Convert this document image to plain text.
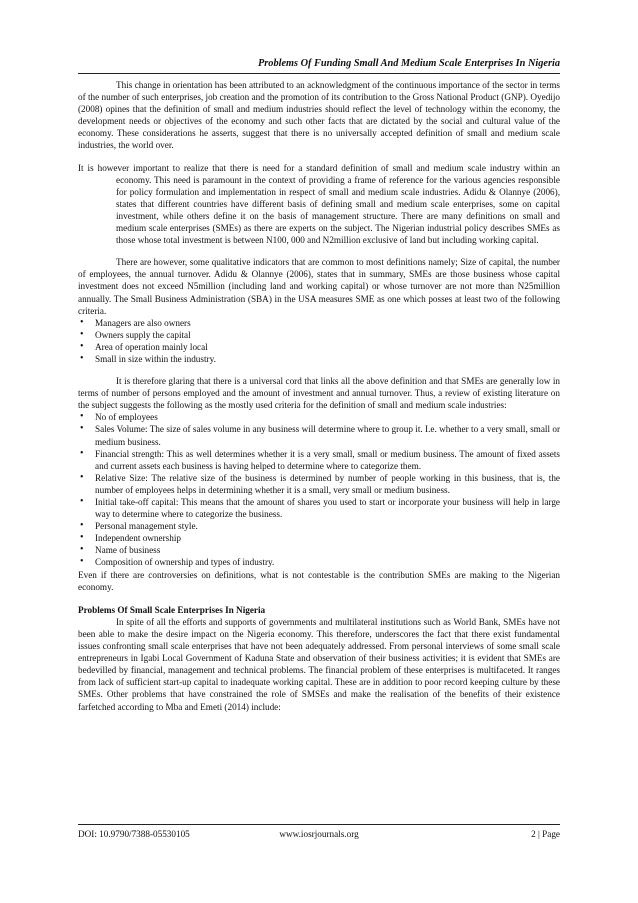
Problems Of Funding Small And Medium Scale Enterprises In Nigeria

This change in orientation has been attributed to an acknowledgment of the continuous importance of the sector in terms of the number of such enterprises, job creation and the promotion of its contribution to the Gross National Product (GNP). Oyedijo (2008) opines that the definition of small and medium industries should reflect the level of technology within the economy, the development needs or objectives of the economy and such other facts that are dictated by the social and cultural value of the economy. These considerations he asserts, suggest that there is no universally accepted definition of small and medium scale industries, the world over.

It is however important to realize that there is need for a standard definition of small and medium scale industry within an economy. This need is paramount in the context of providing a frame of reference for the various agencies responsible for policy formulation and implementation in respect of small and medium scale industries. Adidu & Olannye (2006), states that different countries have different basis of defining small and medium scale enterprises, some on capital investment, while others define it on the basis of management structure. There are many definitions on small and medium scale enterprises (SMEs) as there are experts on the subject. The Nigerian industrial policy describes SMEs as those whose total investment is between N100, 000 and N2million exclusive of land but including working capital.

There are however, some qualitative indicators that are common to most definitions namely; Size of capital, the number of employees, the annual turnover. Adidu & Olannye (2006), states that in summary, SMEs are those business whose capital investment does not exceed N5million (including land and working capital) or whose turnover are not more than N25million annually. The Small Business Administration (SBA) in the USA measures SME as one which posses at least two of the following criteria.

• Managers are also owners
• Owners supply the capital
• Area of operation mainly local
• Small in size within the industry.

It is therefore glaring that there is a universal cord that links all the above definition and that SMEs are generally low in terms of number of persons employed and the amount of investment and annual turnover. Thus, a review of existing literature on the subject suggests the following as the mostly used criteria for the definition of small and medium scale industries:

• No of employees
• Sales Volume: The size of sales volume in any business will determine where to group it. I.e. whether to a very small, small or medium business.
• Financial strength: This as well determines whether it is a very small, small or medium business. The amount of fixed assets and current assets each business is having helped to determine where to categorize them.
• Relative Size: The relative size of the business is determined by number of people working in this business, that is, the number of employees helps in determining whether it is a small, very small or medium business.
• Initial take-off capital: This means that the amount of shares you used to start or incorporate your business will help in large way to determine where to categorize the business.
• Personal management style.
• Independent ownership
• Name of business
• Composition of ownership and types of industry.

Even if there are controversies on definitions, what is not contestable is the contribution SMEs are making to the Nigerian economy.

Problems Of Small Scale Enterprises In Nigeria

In spite of all the efforts and supports of governments and multilateral institutions such as World Bank, SMEs have not been able to make the desire impact on the Nigeria economy. This therefore, underscores the fact that there exist fundamental issues confronting small scale enterprises that have not been adequately addressed. From personal interviews of some small scale entrepreneurs in Igabi Local Government of Kaduna State and observation of their business activities; it is evident that SMEs are bedevilled by financial, management and technical problems. The financial problem of these enterprises is multifaceted. It ranges from lack of sufficient start-up capital to inadequate working capital. These are in addition to poor record keeping culture by these SMEs. Other problems that have constrained the role of SMSEs and make the realisation of the benefits of their existence farfetched according to Mba and Emeti (2014) include:

DOI: 10.9790/7388-05530105	www.iosrjournals.org	2 | Page
